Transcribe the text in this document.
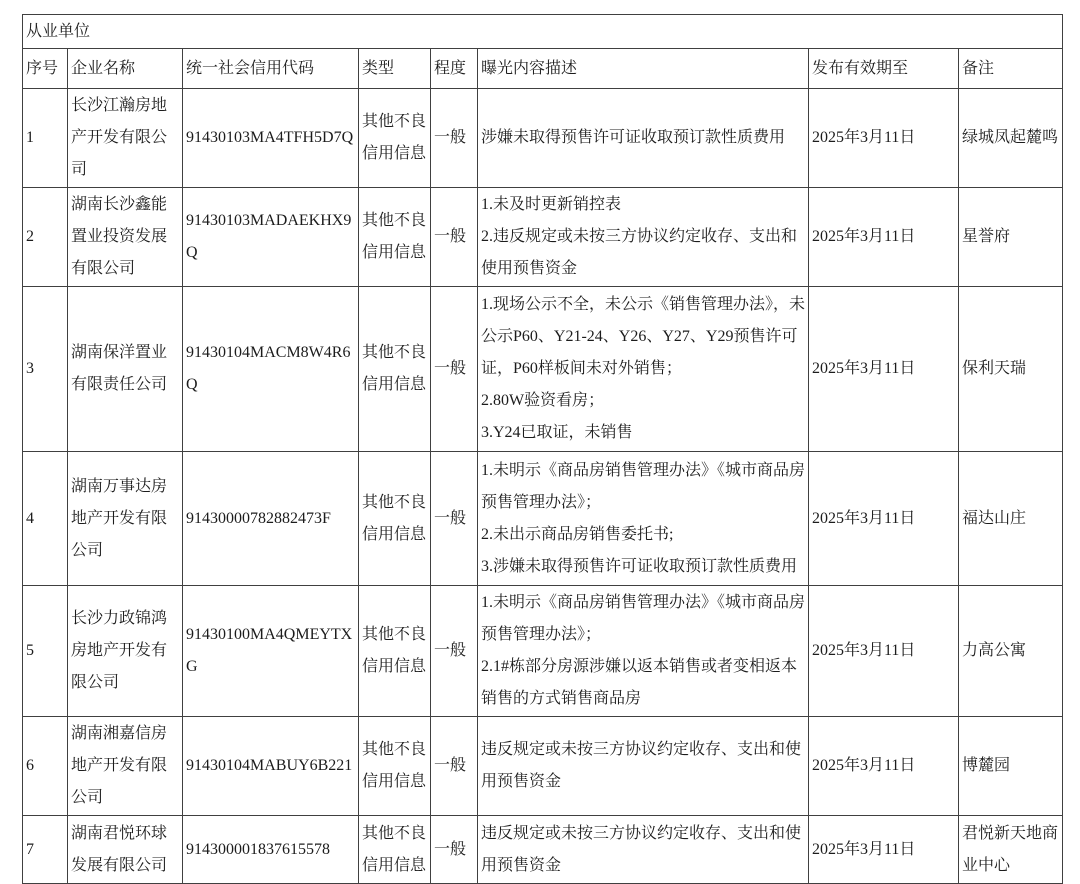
从业单位							
序号	企业名称	统一社会信用代码	类型	程度	曝光内容描述	发布有效期至	备注
1	长沙江瀚房地产开发有限公司	91430103MA4TFH5D7Q	其他不良信用信息	一般	涉嫌未取得预售许可证收取预订款性质费用	2025年3月11日	绿城凤起麓鸣
2	湖南长沙鑫能置业投资发展有限公司	91430103MADAEKHX9Q	其他不良信用信息	一般	1.未及时更新销控表
2.违反规定或未按三方协议约定收存、支出和使用预售资金	2025年3月11日	星誉府
3	湖南保洋置业有限责任公司	91430104MACM8W4R6Q	其他不良信用信息	一般	1.现场公示不全，未公示《销售管理办法》，未公示P60、Y21-24、Y26、Y27、Y29预售许可证，P60样板间未对外销售；
2.80W验资看房；
3.Y24已取证，未销售	2025年3月11日	保利天瑞
4	湖南万事达房地产开发有限公司	91430000782882473F	其他不良信用信息	一般	1.未明示《商品房销售管理办法》《城市商品房预售管理办法》；
2.未出示商品房销售委托书;
3.涉嫌未取得预售许可证收取预订款性质费用	2025年3月11日	福达山庄
5	长沙力政锦鸿房地产开发有限公司	91430100MA4QMEYTXG	其他不良信用信息	一般	1.未明示《商品房销售管理办法》《城市商品房预售管理办法》；
2.1#栋部分房源涉嫌以返本销售或者变相返本销售的方式销售商品房	2025年3月11日	力高公寓
6	湖南湘嘉信房地产开发有限公司	91430104MABUY6B221	其他不良信用信息	一般	违反规定或未按三方协议约定收存、支出和使用预售资金	2025年3月11日	博麓园
7	湖南君悦环球发展有限公司	914300001837615578	其他不良信用信息	一般	违反规定或未按三方协议约定收存、支出和使用预售资金	2025年3月11日	君悦新天地商业中心
